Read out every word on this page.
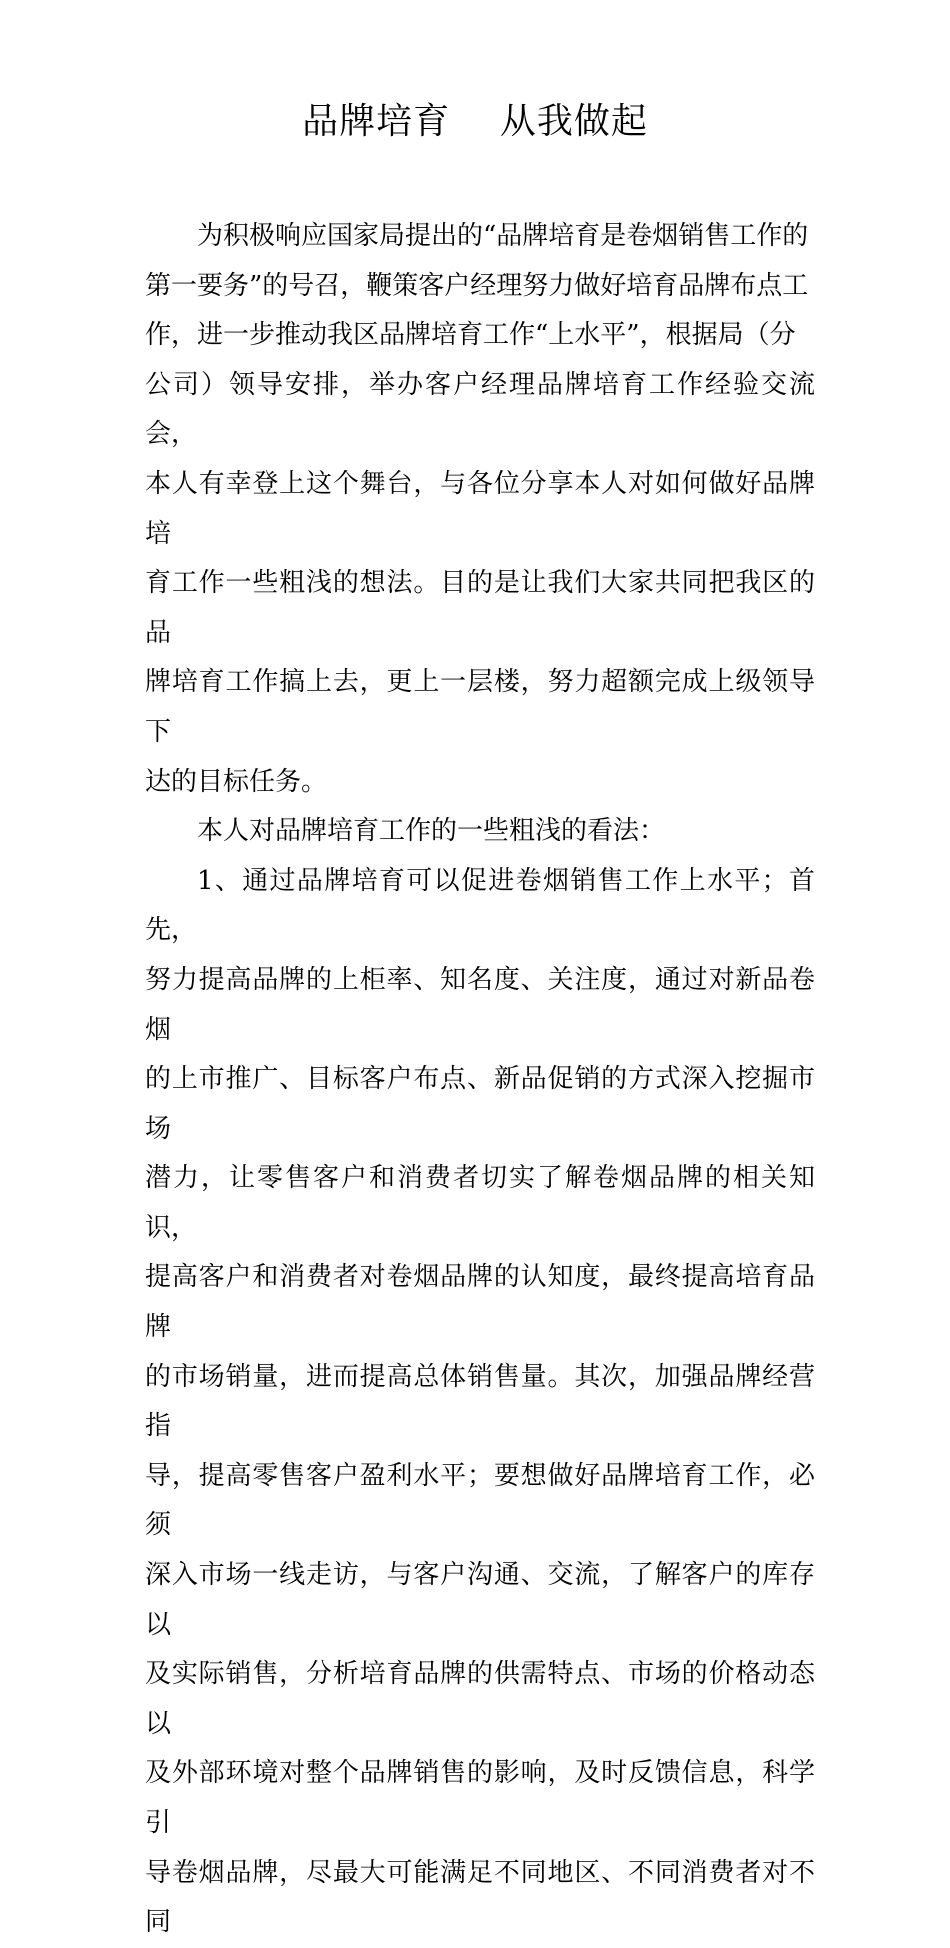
品牌培育    从我做起

为积极响应国家局提出的“品牌培育是卷烟销售工作的
第一要务”的号召，鞭策客户经理努力做好培育品牌布点工
作，进一步推动我区品牌培育工作“上水平”，根据局（分
公司）领导安排，举办客户经理品牌培育工作经验交流会，
本人有幸登上这个舞台，与各位分享本人对如何做好品牌培
育工作一些粗浅的想法。目的是让我们大家共同把我区的品
牌培育工作搞上去，更上一层楼，努力超额完成上级领导下
达的目标任务。

本人对品牌培育工作的一些粗浅的看法：

1、通过品牌培育可以促进卷烟销售工作上水平；首先，
努力提高品牌的上柜率、知名度、关注度，通过对新品卷烟
的上市推广、目标客户布点、新品促销的方式深入挖掘市场
潜力，让零售客户和消费者切实了解卷烟品牌的相关知识，
提高客户和消费者对卷烟品牌的认知度，最终提高培育品牌
的市场销量，进而提高总体销售量。其次，加强品牌经营指
导，提高零售客户盈利水平；要想做好品牌培育工作，必须
深入市场一线走访，与客户沟通、交流，了解客户的库存以
及实际销售，分析培育品牌的供需特点、市场的价格动态以
及外部环境对整个品牌销售的影响，及时反馈信息，科学引
导卷烟品牌，尽最大可能满足不同地区、不同消费者对不同
